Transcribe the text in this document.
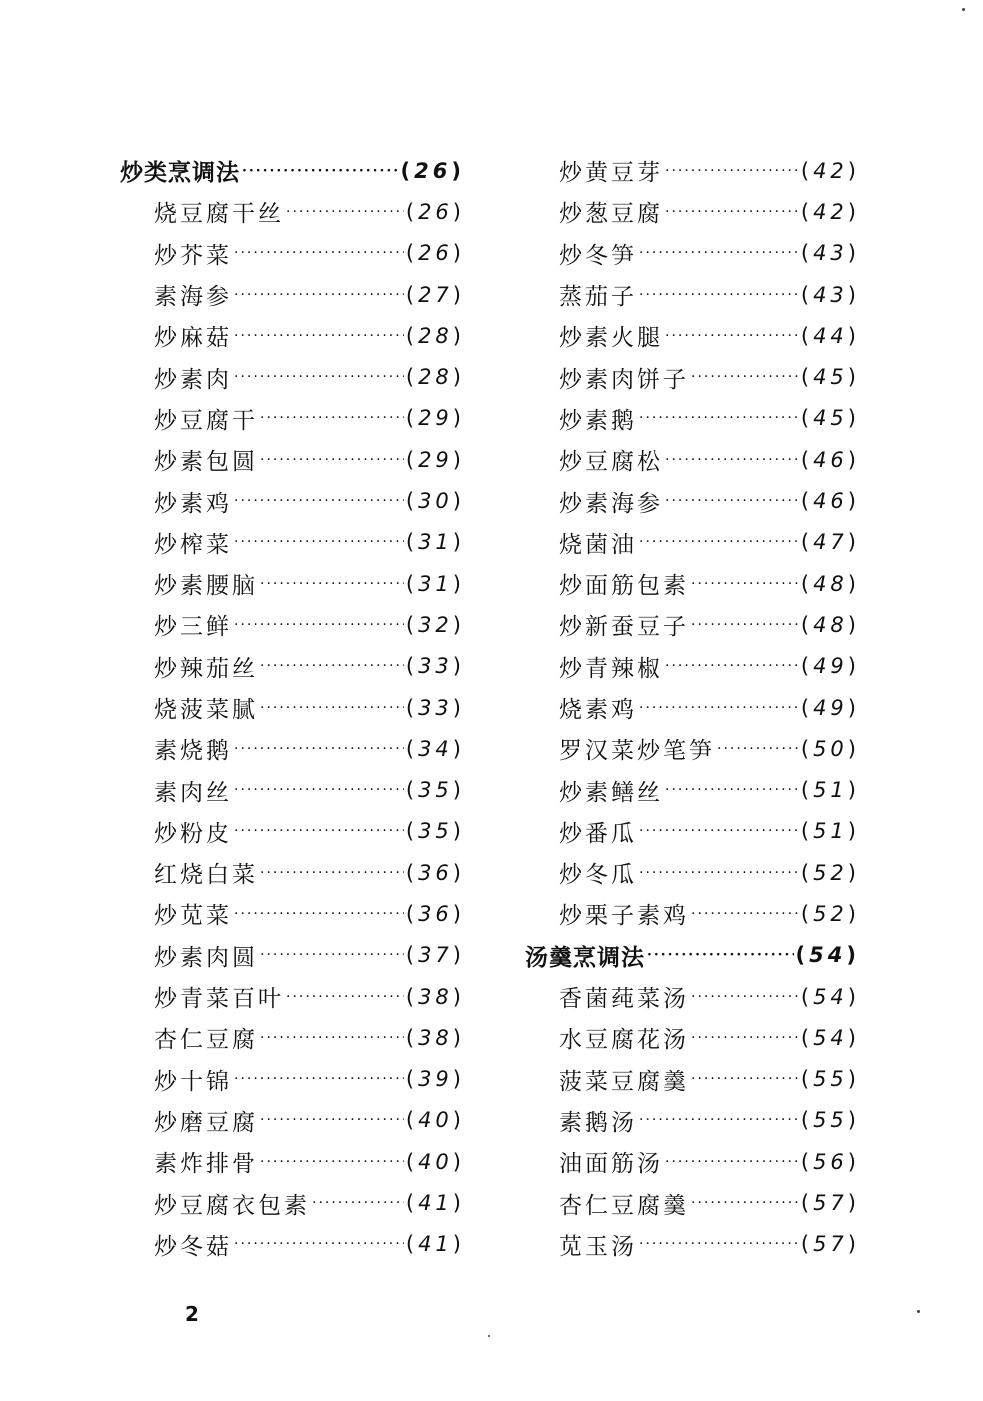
炒类烹调法 ·····	(26)
烧豆腐干丝 ·····	(26)
炒芥菜 ·····	(26)
素海参 ·····	(27)
炒麻菇 ·····	(28)
炒素肉 ·····	(28)
炒豆腐干 ·····	(29)
炒素包圆 ·····	(29)
炒素鸡 ·····	(30)
炒榨菜 ·····	(31)
炒素腰脑 ·····	(31)
炒三鲜 ·····	(32)
炒辣茄丝 ·····	(33)
烧菠菜腻 ·····	(33)
素烧鹅 ·····	(34)
素肉丝 ·····	(35)
炒粉皮 ·····	(35)
红烧白菜 ·····	(36)
炒苋菜 ·····	(36)
炒素肉圆 ·····	(37)
炒青菜百叶 ·····	(38)
杏仁豆腐 ·····	(38)
炒十锦 ·····	(39)
炒磨豆腐 ·····	(40)
素炸排骨 ·····	(40)
炒豆腐衣包素 ·····	(41)
炒冬菇 ·····	(41)
炒黄豆芽 ·····	(42)
炒葱豆腐 ·····	(42)
炒冬笋 ·····	(43)
蒸茄子 ·····	(43)
炒素火腿 ·····	(44)
炒素肉饼子 ·····	(45)
炒素鹅 ·····	(45)
炒豆腐松 ·····	(46)
炒素海参 ·····	(46)
烧菌油 ·····	(47)
炒面筋包素 ·····	(48)
炒新蚕豆子 ·····	(48)
炒青辣椒 ·····	(49)
烧素鸡 ·····	(49)
罗汉菜炒笔笋 ·····	(50)
炒素鳝丝 ·····	(51)
炒番瓜 ·····	(51)
炒冬瓜 ·····	(52)
炒栗子素鸡 ·····	(52)
汤羹烹调法 ·····	(54)
香菌莼菜汤 ·····	(54)
水豆腐花汤 ·····	(54)
菠菜豆腐羹 ·····	(55)
素鹅汤 ·····	(55)
油面筋汤 ·····	(56)
杏仁豆腐羹 ·····	(57)
苋玉汤 ·····	(57)
2
